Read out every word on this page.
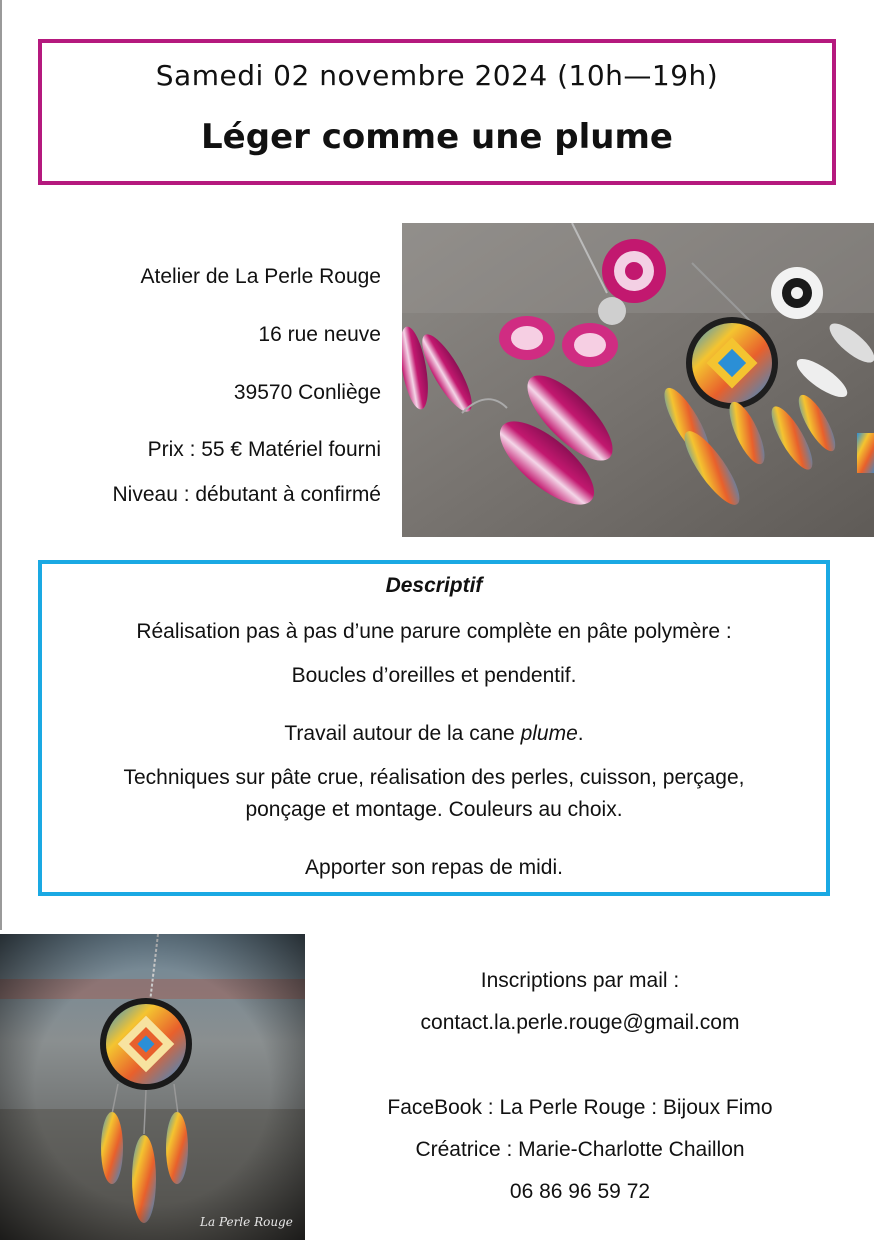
Samedi 02 novembre 2024 (10h—19h)
Léger comme une plume
Atelier de La Perle Rouge
16 rue neuve
39570 Conliège
Prix : 55 € Matériel fourni
Niveau : débutant à confirmé
Descriptif
Réalisation pas à pas d’une parure complète en pâte polymère :
Boucles d’oreilles et pendentif.
Travail autour de la cane plume.
Techniques sur pâte crue, réalisation des perles, cuisson, perçage,
ponçage et montage. Couleurs au choix.
Apporter son repas de midi.
La Perle Rouge
Inscriptions par mail :
contact.la.perle.rouge@gmail.com
FaceBook : La Perle Rouge : Bijoux Fimo
Créatrice : Marie-Charlotte Chaillon
06 86 96 59 72
